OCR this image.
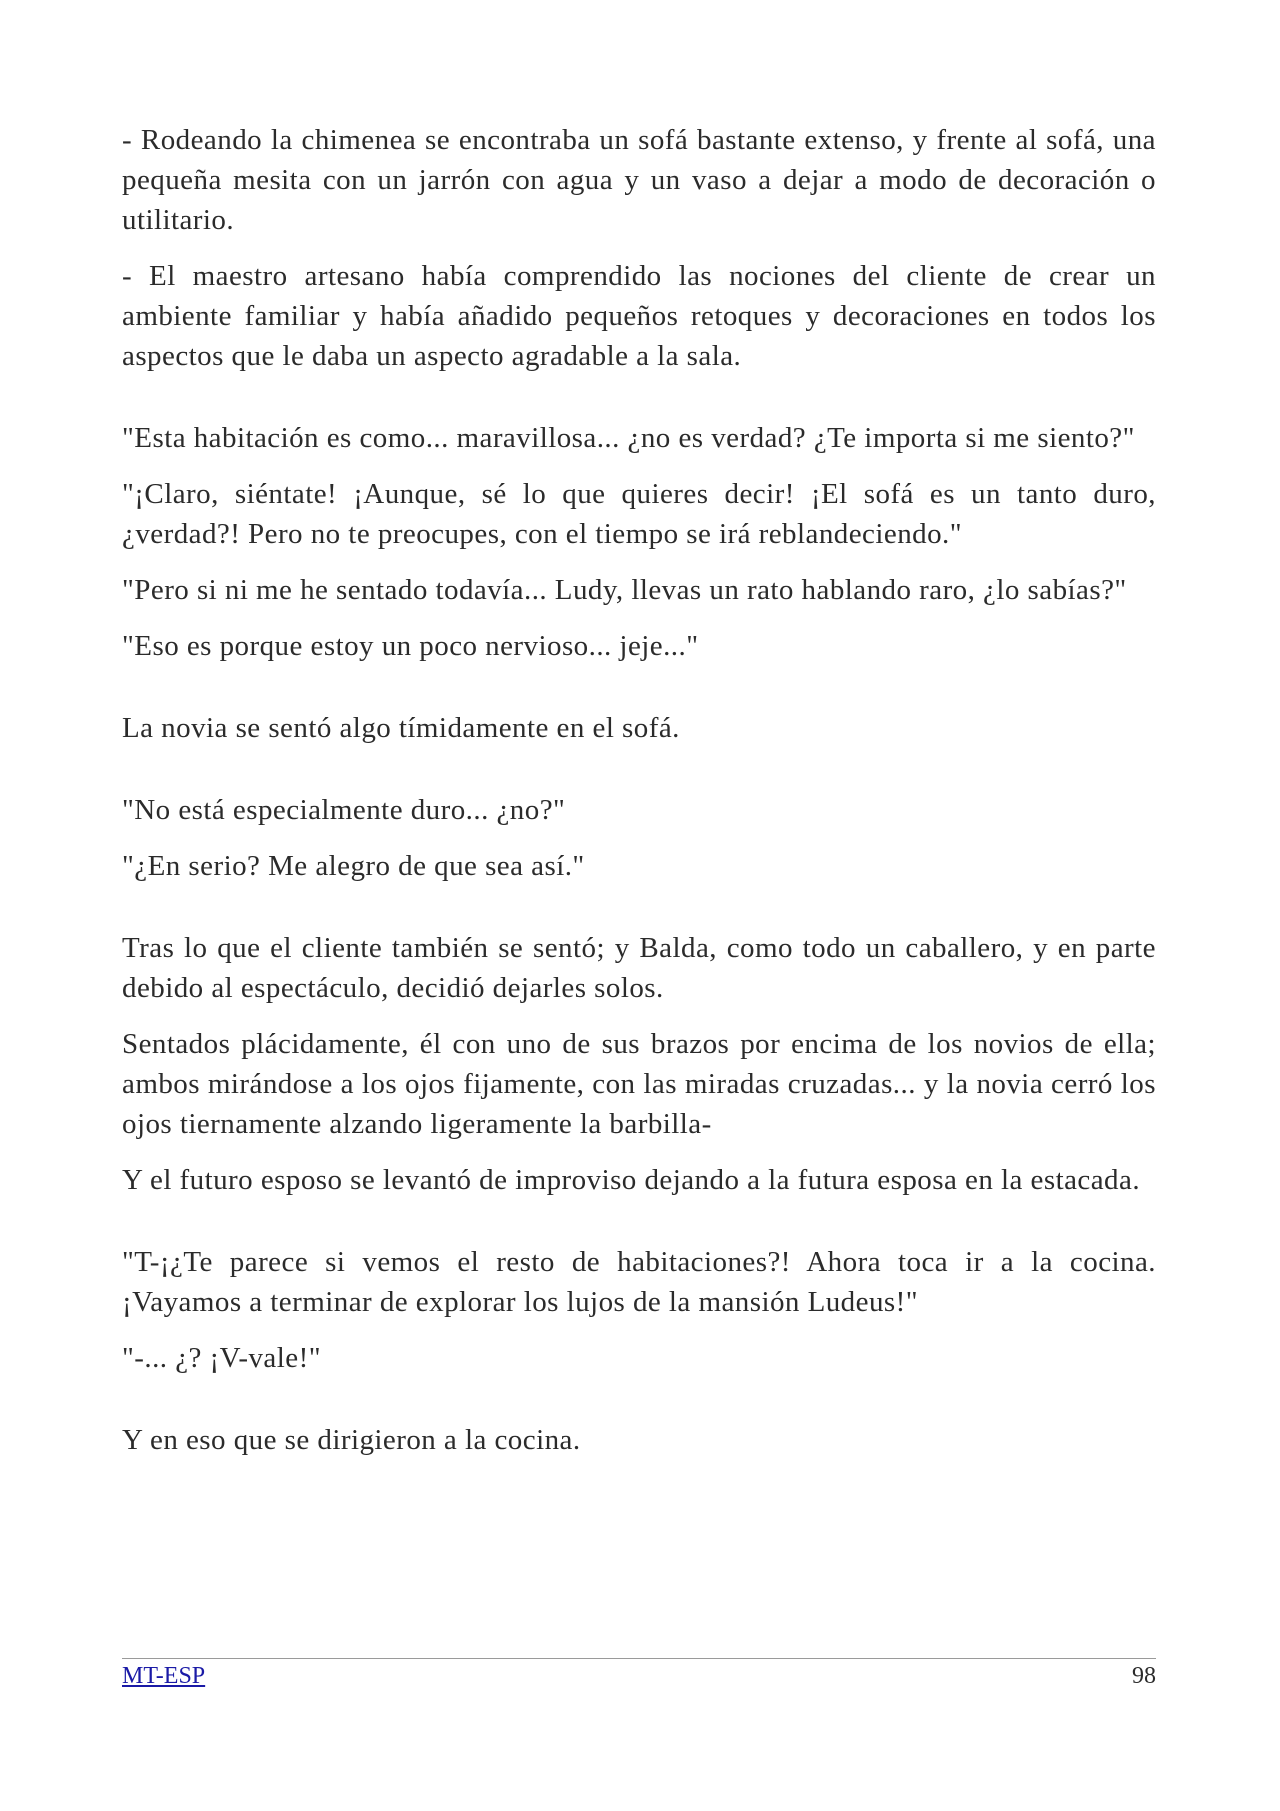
- Rodeando la chimenea se encontraba un sofá bastante extenso, y frente al sofá, una pequeña mesita con un jarrón con agua y un vaso a dejar a modo de decoración o utilitario.

- El maestro artesano había comprendido las nociones del cliente de crear un ambiente familiar y había añadido pequeños retoques y decoraciones en todos los aspectos que le daba un aspecto agradable a la sala.

"Esta habitación es como... maravillosa... ¿no es verdad? ¿Te importa si me siento?"

"¡Claro, siéntate! ¡Aunque, sé lo que quieres decir! ¡El sofá es un tanto duro, ¿verdad?! Pero no te preocupes, con el tiempo se irá reblandeciendo."

"Pero si ni me he sentado todavía... Ludy, llevas un rato hablando raro, ¿lo sabías?"

"Eso es porque estoy un poco nervioso... jeje..."

La novia se sentó algo tímidamente en el sofá.

"No está especialmente duro... ¿no?"

"¿En serio? Me alegro de que sea así."

Tras lo que el cliente también se sentó; y Balda, como todo un caballero, y en parte debido al espectáculo, decidió dejarles solos.

Sentados plácidamente, él con uno de sus brazos por encima de los novios de ella; ambos mirándose a los ojos fijamente, con las miradas cruzadas... y la novia cerró los ojos tiernamente alzando ligeramente la barbilla-

Y el futuro esposo se levantó de improviso dejando a la futura esposa en la estacada.

"T-¡¿Te parece si vemos el resto de habitaciones?! Ahora toca ir a la cocina. ¡Vayamos a terminar de explorar los lujos de la mansión Ludeus!"

"-... ¿? ¡V-vale!"

Y en eso que se dirigieron a la cocina.

MT-ESP	98
